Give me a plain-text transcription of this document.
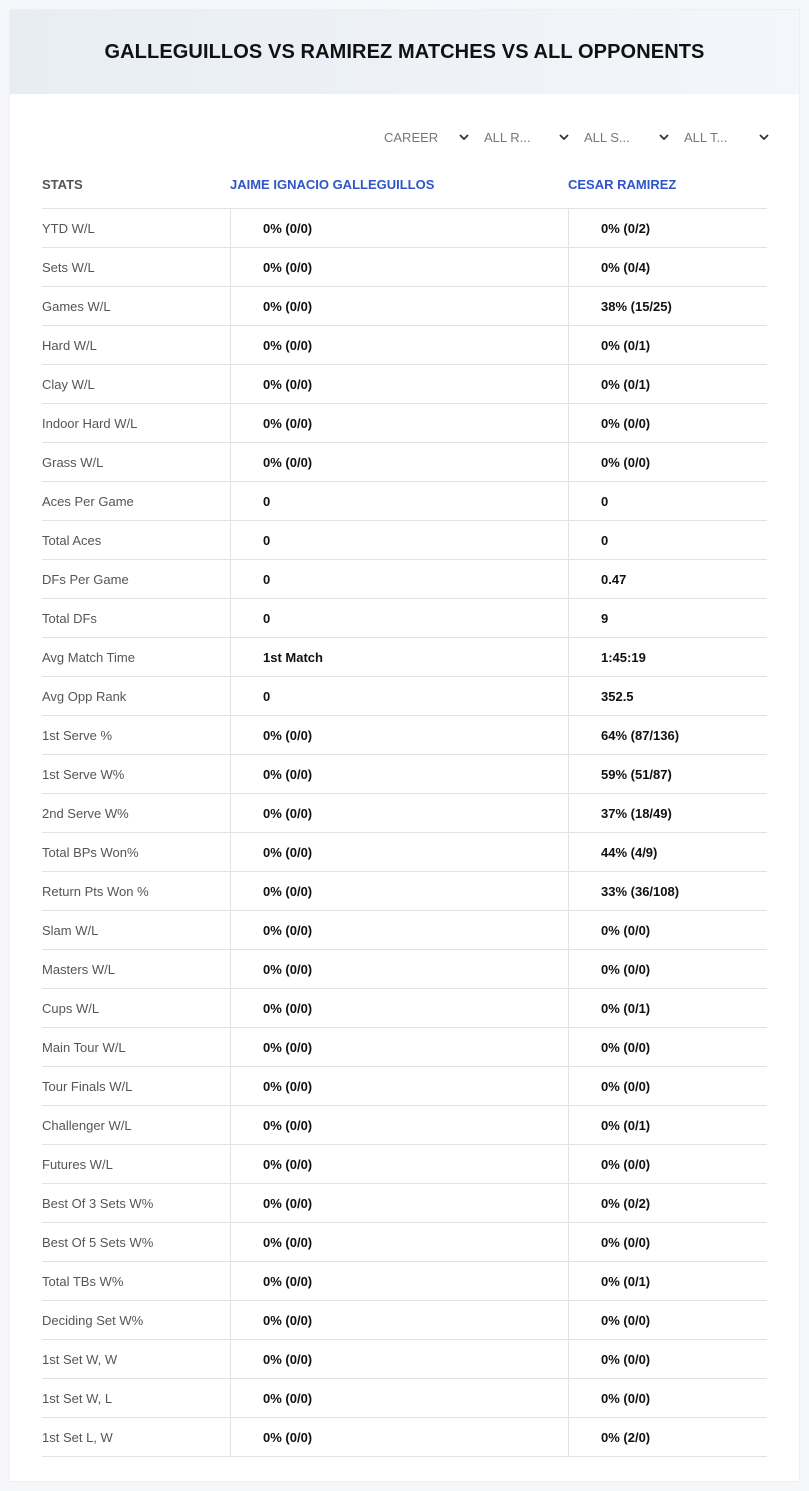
GALLEGUILLOS VS RAMIREZ MATCHES VS ALL OPPONENTS
CAREER	ALL R...	ALL S...	ALL T...
STATS	JAIME IGNACIO GALLEGUILLOS	CESAR RAMIREZ
YTD W/L	0% (0/0)	0% (0/2)
Sets W/L	0% (0/0)	0% (0/4)
Games W/L	0% (0/0)	38% (15/25)
Hard W/L	0% (0/0)	0% (0/1)
Clay W/L	0% (0/0)	0% (0/1)
Indoor Hard W/L	0% (0/0)	0% (0/0)
Grass W/L	0% (0/0)	0% (0/0)
Aces Per Game	0	0
Total Aces	0	0
DFs Per Game	0	0.47
Total DFs	0	9
Avg Match Time	1st Match	1:45:19
Avg Opp Rank	0	352.5
1st Serve %	0% (0/0)	64% (87/136)
1st Serve W%	0% (0/0)	59% (51/87)
2nd Serve W%	0% (0/0)	37% (18/49)
Total BPs Won%	0% (0/0)	44% (4/9)
Return Pts Won %	0% (0/0)	33% (36/108)
Slam W/L	0% (0/0)	0% (0/0)
Masters W/L	0% (0/0)	0% (0/0)
Cups W/L	0% (0/0)	0% (0/1)
Main Tour W/L	0% (0/0)	0% (0/0)
Tour Finals W/L	0% (0/0)	0% (0/0)
Challenger W/L	0% (0/0)	0% (0/1)
Futures W/L	0% (0/0)	0% (0/0)
Best Of 3 Sets W%	0% (0/0)	0% (0/2)
Best Of 5 Sets W%	0% (0/0)	0% (0/0)
Total TBs W%	0% (0/0)	0% (0/1)
Deciding Set W%	0% (0/0)	0% (0/0)
1st Set W, W	0% (0/0)	0% (0/0)
1st Set W, L	0% (0/0)	0% (0/0)
1st Set L, W	0% (0/0)	0% (2/0)
